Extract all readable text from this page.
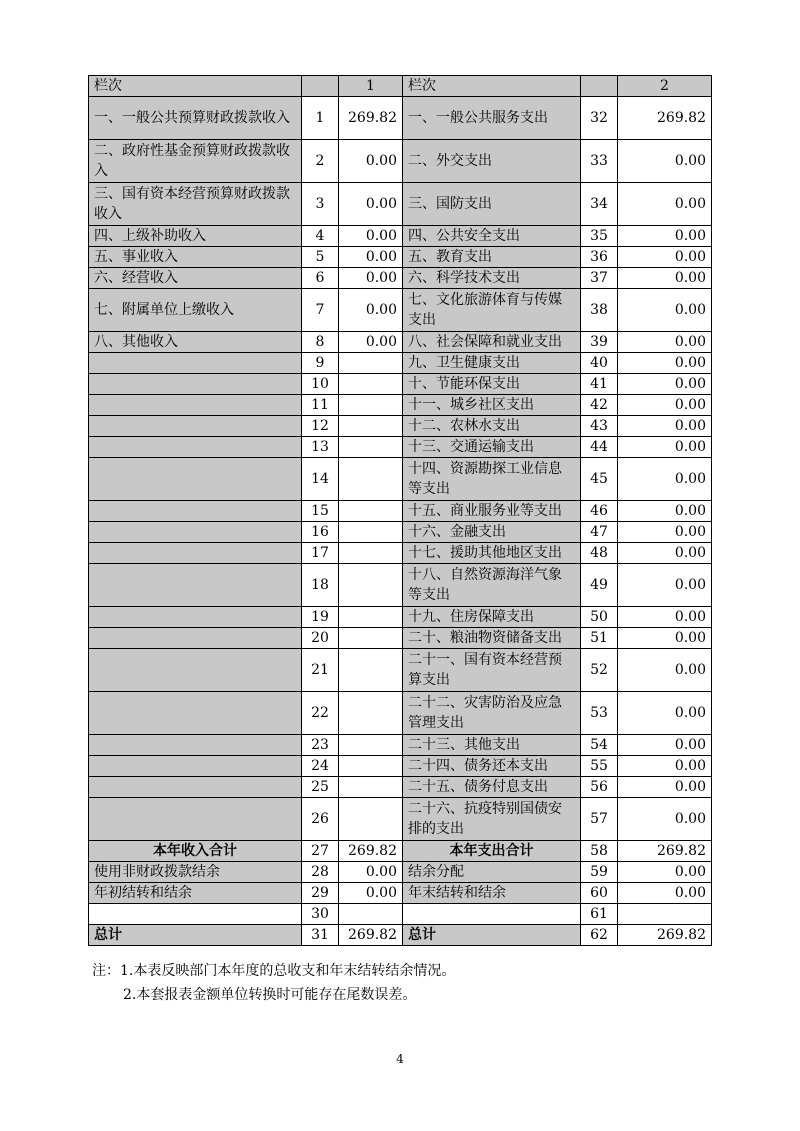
栏次		1	栏次		2
一、一般公共预算财政拨款收入	1	269.82	一、一般公共服务支出	32	269.82
二、政府性基金预算财政拨款收入	2	0.00	二、外交支出	33	0.00
三、国有资本经营预算财政拨款收入	3	0.00	三、国防支出	34	0.00
四、上级补助收入	4	0.00	四、公共安全支出	35	0.00
五、事业收入	5	0.00	五、教育支出	36	0.00
六、经营收入	6	0.00	六、科学技术支出	37	0.00
七、附属单位上缴收入	7	0.00	七、文化旅游体育与传媒支出	38	0.00
八、其他收入	8	0.00	八、社会保障和就业支出	39	0.00
	9		九、卫生健康支出	40	0.00
	10		十、节能环保支出	41	0.00
	11		十一、城乡社区支出	42	0.00
	12		十二、农林水支出	43	0.00
	13		十三、交通运输支出	44	0.00
	14		十四、资源勘探工业信息等支出	45	0.00
	15		十五、商业服务业等支出	46	0.00
	16		十六、金融支出	47	0.00
	17		十七、援助其他地区支出	48	0.00
	18		十八、自然资源海洋气象等支出	49	0.00
	19		十九、住房保障支出	50	0.00
	20		二十、粮油物资储备支出	51	0.00
	21		二十一、国有资本经营预算支出	52	0.00
	22		二十二、灾害防治及应急管理支出	53	0.00
	23		二十三、其他支出	54	0.00
	24		二十四、债务还本支出	55	0.00
	25		二十五、债务付息支出	56	0.00
	26		二十六、抗疫特别国债安排的支出	57	0.00
本年收入合计	27	269.82	本年支出合计	58	269.82
使用非财政拨款结余	28	0.00	结余分配	59	0.00
年初结转和结余	29	0.00	年末结转和结余	60	0.00
	30			61	
总计	31	269.82	总计	62	269.82
注：1.本表反映部门本年度的总收支和年末结转结余情况。
2.本套报表金额单位转换时可能存在尾数误差。
4
